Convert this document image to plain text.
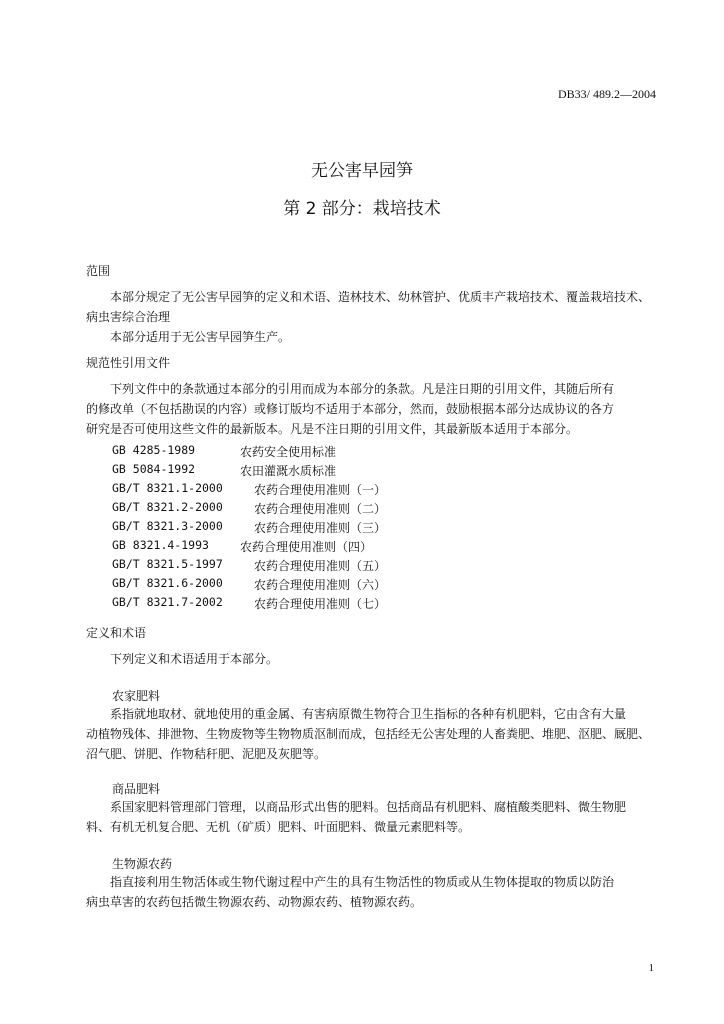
DB33/ 489.2—2004
无公害早园笋
第 2 部分：栽培技术
范围
本部分规定了无公害早园笋的定义和术语、造林技术、幼林管护、优质丰产栽培技术、覆盖栽培技术、
病虫害综合治理
本部分适用于无公害早园笋生产。
规范性引用文件
下列文件中的条款通过本部分的引用而成为本部分的条款。凡是注日期的引用文件，其随后所有
的修改单（不包括勘误的内容）或修订版均不适用于本部分，然而，鼓励根据本部分达成协议的各方
研究是否可使用这些文件的最新版本。凡是不注日期的引用文件，其最新版本适用于本部分。
GB 4285-1989	农药安全使用标准
GB 5084-1992	农田灌溉水质标准
GB/T 8321.1-2000	农药合理使用准则（一）
GB/T 8321.2-2000	农药合理使用准则（二）
GB/T 8321.3-2000	农药合理使用准则（三）
GB 8321.4-1993	农药合理使用准则（四）
GB/T 8321.5-1997	农药合理使用准则（五）
GB/T 8321.6-2000	农药合理使用准则（六）
GB/T 8321.7-2002	农药合理使用准则（七）
定义和术语
下列定义和术语适用于本部分。
农家肥料
系指就地取材、就地使用的重金属、有害病原微生物符合卫生指标的各种有机肥料，它由含有大量
动植物残体、排泄物、生物废物等生物物质沤制而成，包括经无公害处理的人畜粪肥、堆肥、沤肥、厩肥、
沼气肥、饼肥、作物秸秆肥、泥肥及灰肥等。
商品肥料
系国家肥料管理部门管理，以商品形式出售的肥料。包括商品有机肥料、腐植酸类肥料、微生物肥
料、有机无机复合肥、无机（矿质）肥料、叶面肥料、微量元素肥料等。
生物源农药
指直接利用生物活体或生物代谢过程中产生的具有生物活性的物质或从生物体提取的物质以防治
病虫草害的农药包括微生物源农药、动物源农药、植物源农药。
1
